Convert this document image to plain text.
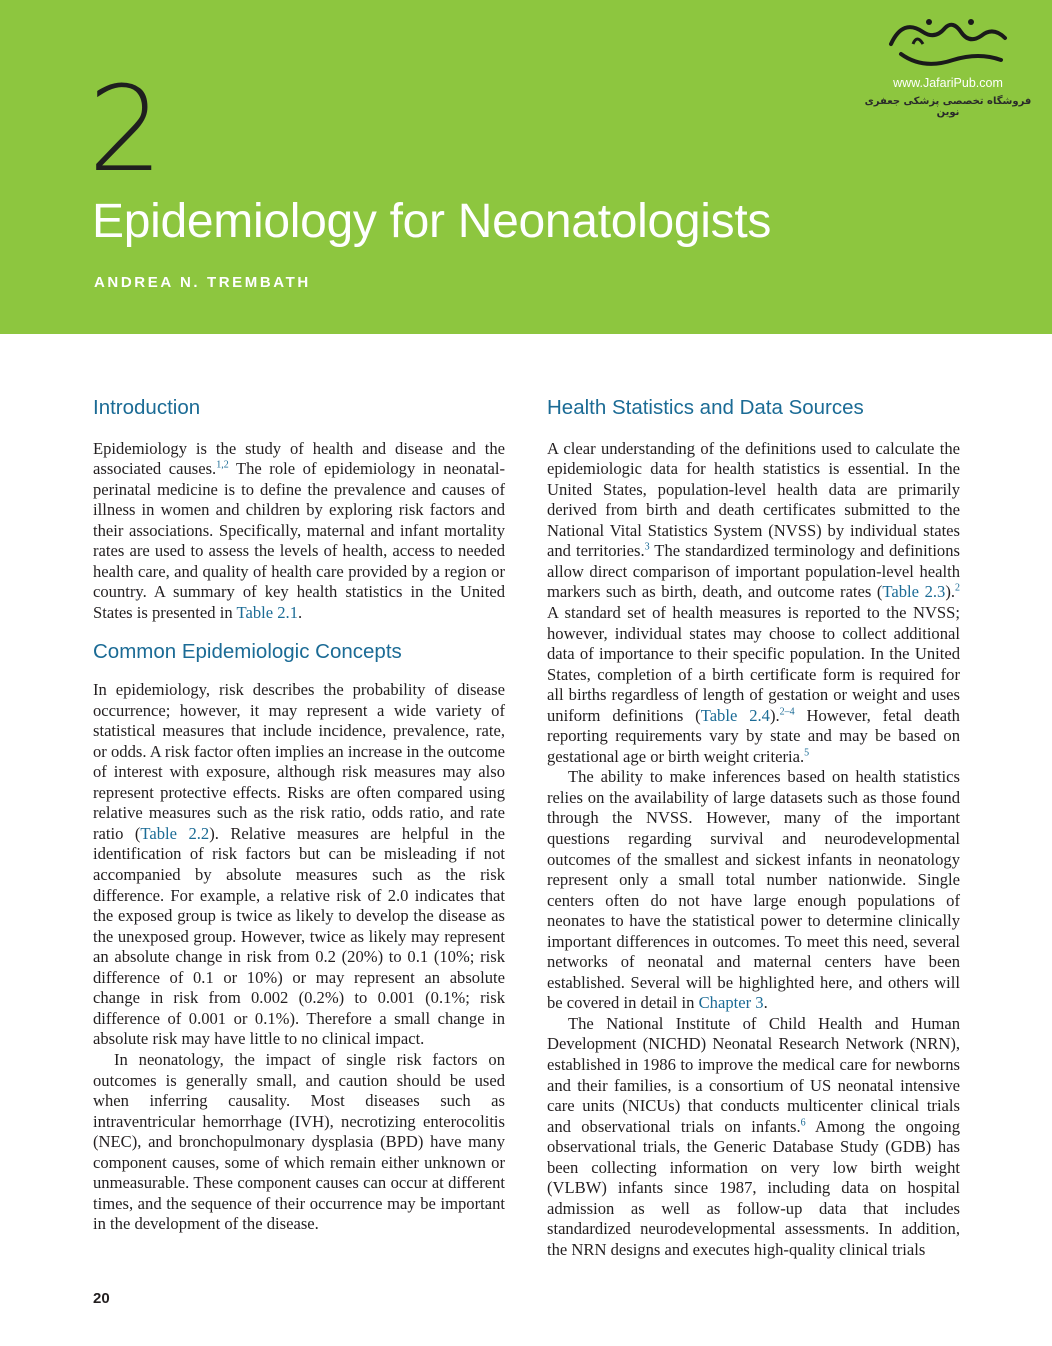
2
Epidemiology for Neonatologists
ANDREA N. TREMBATH
www.JafariPub.com
فروشگاه تخصصی پزشکی جعفری نوین
Introduction

Epidemiology is the study of health and disease and the associated causes.$^{1,2}$ The role of epidemiology in neonatal-perinatal medicine is to define the prevalence and causes of illness in women and children by exploring risk factors and their associations. Specifically, maternal and infant mortality rates are used to assess the levels of health, access to needed health care, and quality of health care provided by a region or country. A summary of key health statistics in the United States is presented in Table 2.1.

Common Epidemiologic Concepts

In epidemiology, risk describes the probability of disease occurrence; however, it may represent a wide variety of statistical measures that include incidence, prevalence, rate, or odds. A risk factor often implies an increase in the outcome of interest with exposure, although risk measures may also represent protective effects. Risks are often compared using relative measures such as the risk ratio, odds ratio, and rate ratio (Table 2.2). Relative measures are helpful in the identification of risk factors but can be misleading if not accompanied by absolute measures such as the risk difference. For example, a relative risk of 2.0 indicates that the exposed group is twice as likely to develop the disease as the unexposed group. However, twice as likely may represent an absolute change in risk from 0.2 (20%) to 0.1 (10%; risk difference of 0.1 or 10%) or may represent an absolute change in risk from 0.002 (0.2%) to 0.001 (0.1%; risk difference of 0.001 or 0.1%). Therefore a small change in absolute risk may have little to no clinical impact.

In neonatology, the impact of single risk factors on outcomes is generally small, and caution should be used when inferring causality. Most diseases such as intraventricular hemorrhage (IVH), necrotizing enterocolitis (NEC), and bronchopulmonary dysplasia (BPD) have many component causes, some of which remain either unknown or unmeasurable. These component causes can occur at different times, and the sequence of their occurrence may be important in the development of the disease.

Health Statistics and Data Sources

A clear understanding of the definitions used to calculate the epidemiologic data for health statistics is essential. In the United States, population-level health data are primarily derived from birth and death certificates submitted to the National Vital Statistics System (NVSS) by individual states and territories.$^3$ The standardized terminology and definitions allow direct comparison of important population-level health markers such as birth, death, and outcome rates (Table 2.3).$^2$ A standard set of health measures is reported to the NVSS; however, individual states may choose to collect additional data of importance to their specific population. In the United States, completion of a birth certificate form is required for all births regardless of length of gestation or weight and uses uniform definitions (Table 2.4).$^{2-4}$ However, fetal death reporting requirements vary by state and may be based on gestational age or birth weight criteria.$^5$

The ability to make inferences based on health statistics relies on the availability of large datasets such as those found through the NVSS. However, many of the important questions regarding survival and neurodevelopmental outcomes of the smallest and sickest infants in neonatology represent only a small total number nationwide. Single centers often do not have large enough populations of neonates to have the statistical power to determine clinically important differences in outcomes. To meet this need, several networks of neonatal and maternal centers have been established. Several will be highlighted here, and others will be covered in detail in Chapter 3.

The National Institute of Child Health and Human Development (NICHD) Neonatal Research Network (NRN), established in 1986 to improve the medical care for newborns and their families, is a consortium of US neonatal intensive care units (NICUs) that conducts multicenter clinical trials and observational trials on infants.$^6$ Among the ongoing observational trials, the Generic Database Study (GDB) has been collecting information on very low birth weight (VLBW) infants since 1987, including data on hospital admission as well as follow-up data that includes standardized neurodevelopmental assessments. In addition, the NRN designs and executes high-quality clinical trials

20
